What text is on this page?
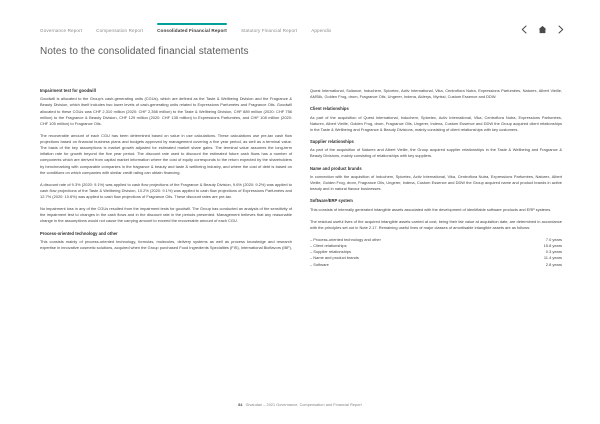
Governance Report	Compensation Report	Consolidated Financial Report	Statutory Financial Report	Appendix
Notes to the consolidated financial statements
Impairment test for goodwill

Goodwill is allocated to the Group's cash-generating units (CGUs), which are defined as the Taste & Wellbeing Division and the Fragrance & Beauty Division, which itself includes two lower levels of cash-generating units related to Expressions Parfumées and Fragrance Oils. Goodwill allocated to these CGUs was CHF 2,310 million (2020: CHF 2,358 million) to the Taste & Wellbeing Division, CHF 889 million (2020: CHF 756 million) to the Fragrance & Beauty Division, CHF 129 million (2020: CHF 135 million) to Expressions Parfumées, and CHF 108 million (2020: CHF 105 million) to Fragrance Oils.

The recoverable amount of each CGU has been determined based on value in use calculations. These calculations use pre-tax cash flow projections based on financial business plans and budgets approved by management covering a five year period, as well as a terminal value. The basis of the key assumptions is market growth adjusted for estimated market share gains. The terminal value assumes the long-term inflation rate for growth beyond the five year period. The discount rate used to discount the estimated future cash flows has a number of components which are derived from capital market information where the cost of equity corresponds to the return expected by the shareholders by benchmarking with comparable companies in the fragrance & beauty and taste & wellbeing industry, and where the cost of debt is based on the conditions on which companies with similar credit rating can obtain financing.

A discount rate of 9.3% (2020: 9.1%) was applied to cash flow projections of the Fragrance & Beauty Division, 9.6% (2020: 9.2%) was applied to cash flow projections of the Taste & Wellbeing Division, 10.2% (2020: 9.1%) was applied to cash flow projections of Expressions Parfumées and 12.7% (2020: 10.6%) was applied to cash flow projections of Fragrance Oils. These discount rates are pre-tax.

No impairment loss in any of the CGUs resulted from the impairment tests for goodwill. The Group has conducted an analysis of the sensitivity of the impairment test to changes in the cash flows and in the discount rate in the periods presented. Management believes that any reasonable change in the assumptions would not cause the carrying amount to exceed the recoverable amount of each CGU.

Process-oriented technology and other

This consists mainly of process-oriented technology, formulas, molecules, delivery systems as well as process knowledge and research expertise in innovative cosmetic solutions, acquired when the Group purchased Food Ingredients Specialties (FIS), International Bioflavors (IBF),

Quest International, Soliance, Induchem, Spicetec, Activ International, Vika, Centroflora Nutra, Expressions Parfumées, Naturex, Albert Vieille, AMSilk, Golden Frog, drom, Fragrance Oils, Ungerer, Indena, Alderys, Myrissi, Custom Essence and DDW.

Client relationships

As part of the acquisition of Quest International, Induchem, Spicetec, Activ International, Vika, Centroflora Nutra, Expressions Parfumées, Naturex, Albert Vieille, Golden Frog, drom, Fragrance Oils, Ungerer, Indena, Custom Essence and DDW the Group acquired client relationships in the Taste & Wellbeing and Fragrance & Beauty Divisions, mainly consisting of client relationships with key customers.

Supplier relationships

As part of the acquisition of Naturex and Albert Vieille, the Group acquired supplier relationships in the Taste & Wellbeing and Fragrance & Beauty Divisions, mainly consisting of relationships with key suppliers.

Name and product brands

In connection with the acquisition of Induchem, Spicetec, Activ International, Vika, Centroflora Nutra, Expressions Parfumées, Naturex, Albert Vieille, Golden Frog, drom, Fragrance Oils, Ungerer, Indena, Custom Essence and DDW the Group acquired name and product brands in active beauty and in natural flavour businesses.

Software/ERP system

This consists of internally generated intangible assets associated with the development of identifiable software products and ERP systems.

The residual useful lives of the acquired intangible assets carried at cost, being their fair value at acquisition date, are determined in accordance with the principles set out in Note 2.17. Remaining useful lives of major classes of amortisable intangible assets are as follows:

– Process-oriented technology and other	7.0 years
– Client relationships	15.8 years
– Supplier relationships	0.3 years
– Name and product brands	11.4 years
– Software	2.8 years
84 Givaudan – 2021 Governance, Compensation and Financial Report
